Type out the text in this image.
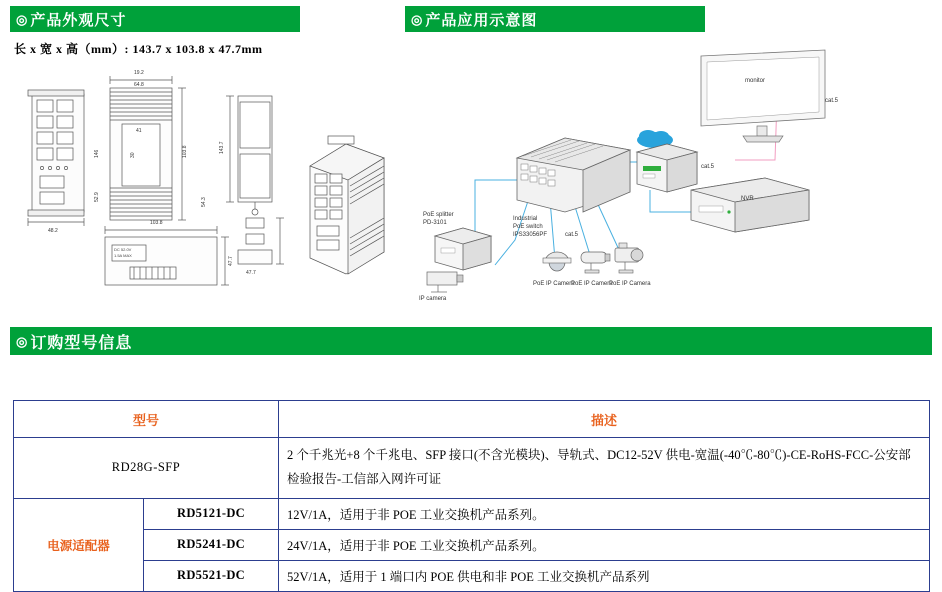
◎ 产品外观尺寸	◎ 产品应用示意图
长 x 宽 x 高（mm）: 143.7 x 103.8 x 47.7mm
48.2
19.2
64.8
103.8	143.7
41
30
146
52.9
54.3
103.8
47.7
47.7
DC 52.0V
1.5A MAX
Industrial
PoE switch
IPS33056PF
PoE splitter
PD-3101
IP camera
PoE IP Camera
PoE IP Camera
PoE IP Camera
cat.5
cat.5
monitor
NVR
cat.5
◎ 订购型号信息
型号		描述
RD28G-SFP		2 个千兆光+8 个千兆电、SFP 接口(不含光模块)、导轨式、DC12-52V 供电-宽温(-40℃-80℃)-CE-RoHS-FCC-公安部检验报告-工信部入网许可证
电源适配器	RD5121-DC	12V/1A，适用于非 POE 工业交换机产品系列。
	RD5241-DC	24V/1A，适用于非 POE 工业交换机产品系列。
	RD5521-DC	52V/1A，适用于 1 端口内 POE 供电和非 POE 工业交换机产品系列
